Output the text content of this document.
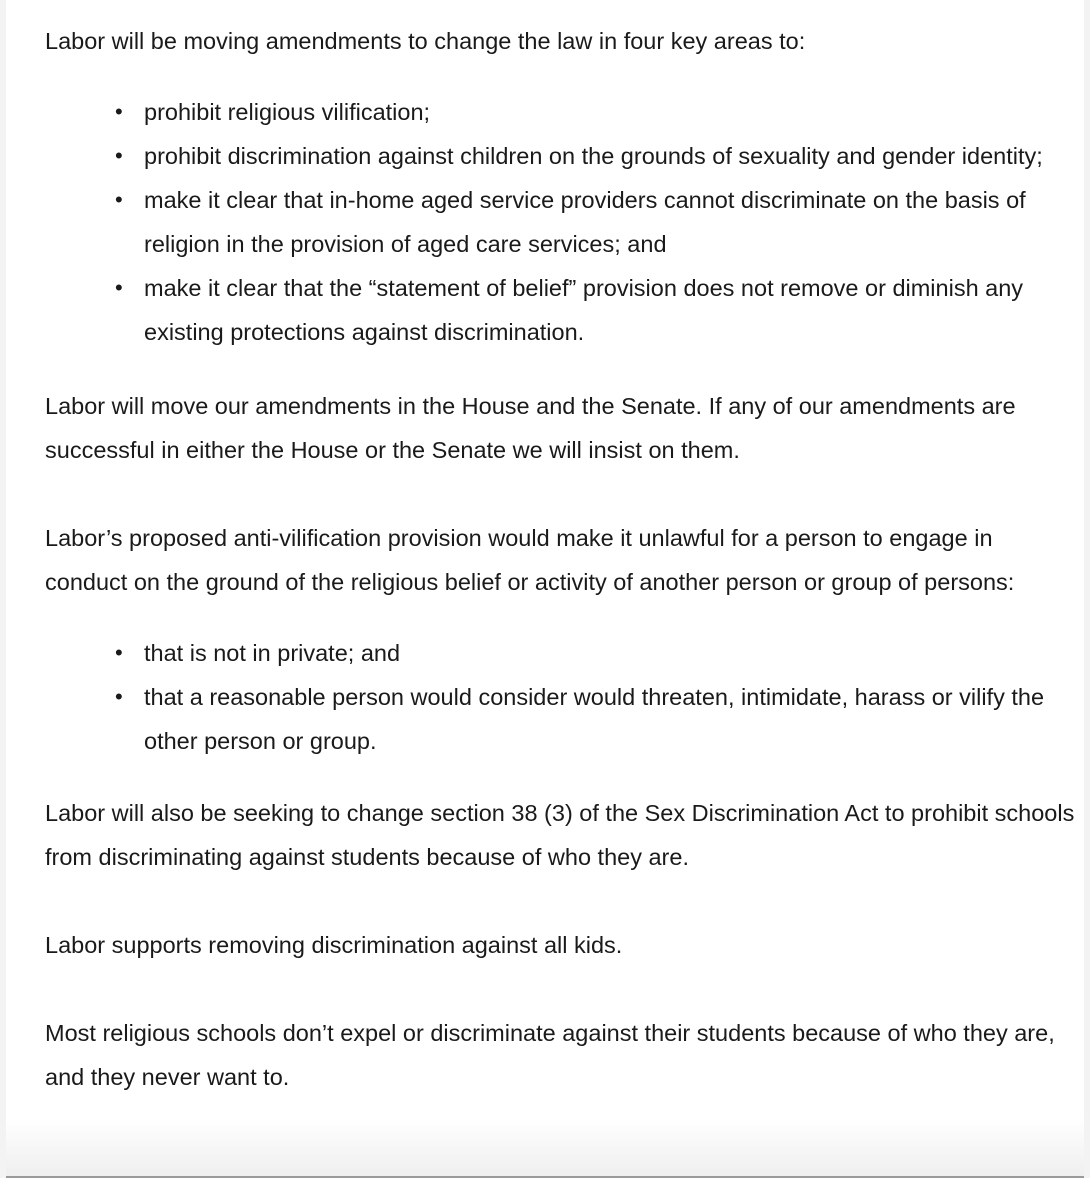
Labor will be moving amendments to change the law in four key areas to:

• prohibit religious vilification;
• prohibit discrimination against children on the grounds of sexuality and gender identity;
• make it clear that in-home aged service providers cannot discriminate on the basis of religion in the provision of aged care services; and
• make it clear that the “statement of belief” provision does not remove or diminish any existing protections against discrimination.

Labor will move our amendments in the House and the Senate. If any of our amendments are successful in either the House or the Senate we will insist on them.

Labor’s proposed anti-vilification provision would make it unlawful for a person to engage in conduct on the ground of the religious belief or activity of another person or group of persons:

• that is not in private; and
• that a reasonable person would consider would threaten, intimidate, harass or vilify the other person or group.

Labor will also be seeking to change section 38 (3) of the Sex Discrimination Act to prohibit schools from discriminating against students because of who they are.

Labor supports removing discrimination against all kids.

Most religious schools don’t expel or discriminate against their students because of who they are, and they never want to.
